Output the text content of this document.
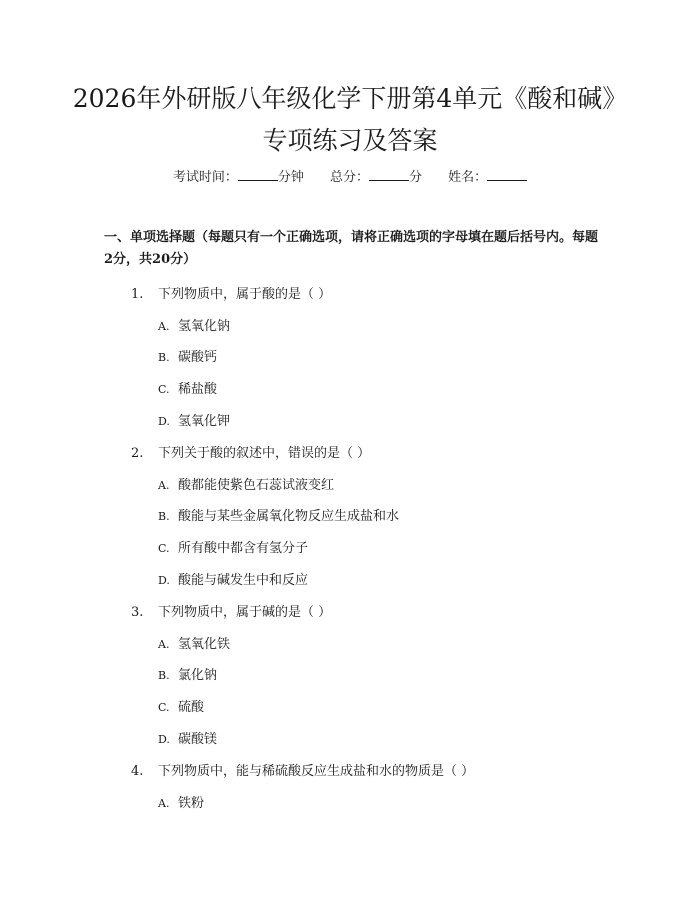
2026年外研版八年级化学下册第4单元《酸和碱》专项练习及答案
考试时间：	分钟 总分：	分 姓名：
一、单项选择题（每题只有一个正确选项，请将正确选项的字母填在题后括号内。每题2分，共20分）
1. 下列物质中，属于酸的是（ ）
A. 氢氧化钠
B. 碳酸钙
C. 稀盐酸
D. 氢氧化钾
2. 下列关于酸的叙述中，错误的是（ ）
A. 酸都能使紫色石蕊试液变红
B. 酸能与某些金属氧化物反应生成盐和水
C. 所有酸中都含有氢分子
D. 酸能与碱发生中和反应
3. 下列物质中，属于碱的是（ ）
A. 氢氧化铁
B. 氯化钠
C. 硫酸
D. 碳酸镁
4. 下列物质中，能与稀硫酸反应生成盐和水的物质是（ ）
A. 铁粉
